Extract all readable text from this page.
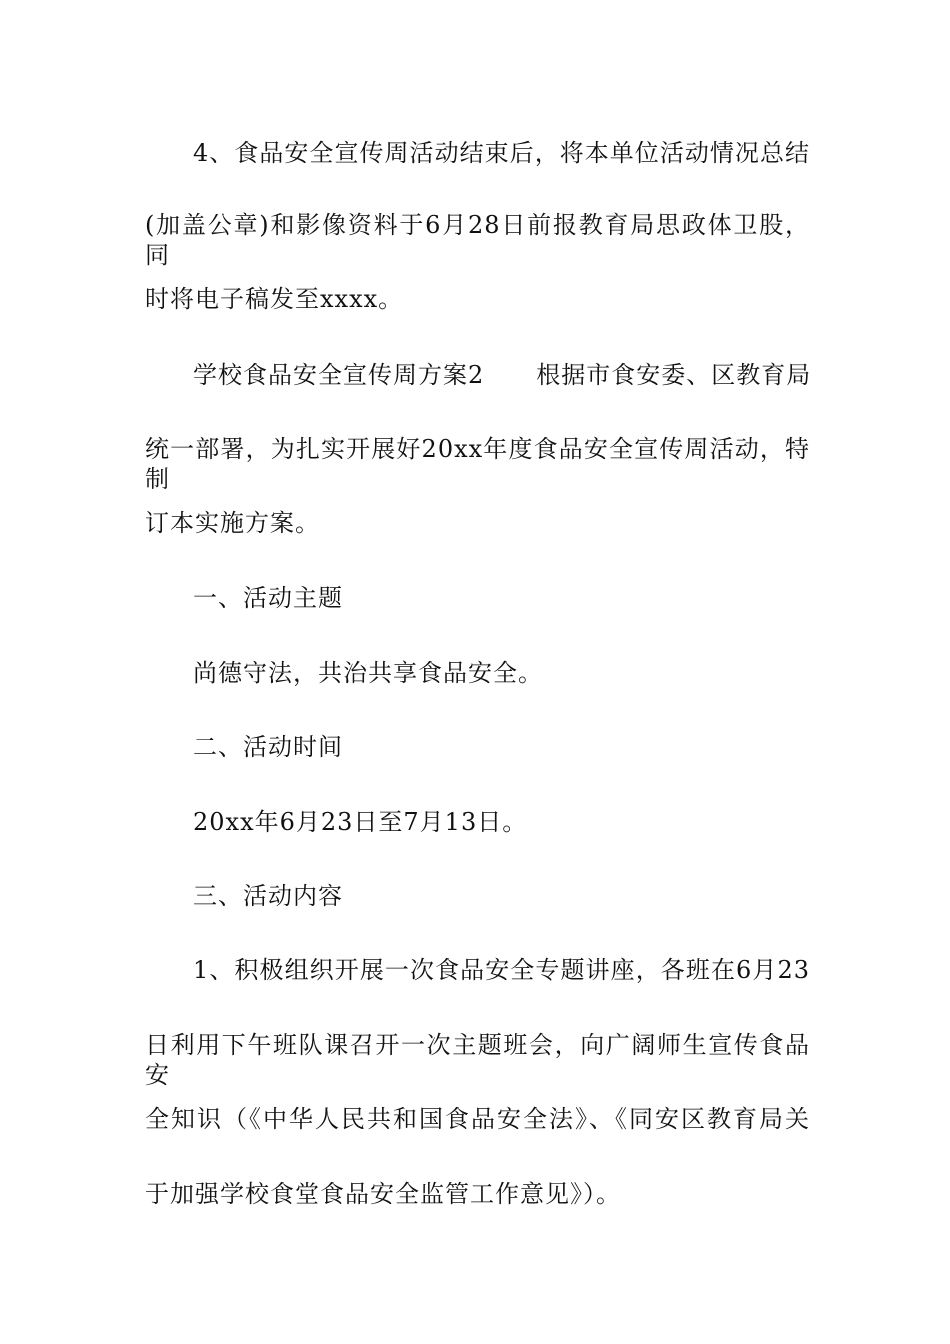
4、食品安全宣传周活动结束后，将本单位活动情况总结
(加盖公章)和影像资料于6月28日前报教育局思政体卫股，同
时将电子稿发至xxxx。
学校食品安全宣传周方案2 根据市食安委、区教育局
统一部署，为扎实开展好20xx年度食品安全宣传周活动，特制
订本实施方案。
一、活动主题
尚德守法，共治共享食品安全。
二、活动时间
20xx年6月23日至7月13日。
三、活动内容
1、积极组织开展一次食品安全专题讲座，各班在6月23
日利用下午班队课召开一次主题班会，向广阔师生宣传食品安
全知识（《中华人民共和国食品安全法》、《同安区教育局关
于加强学校食堂食品安全监管工作意见》）。
